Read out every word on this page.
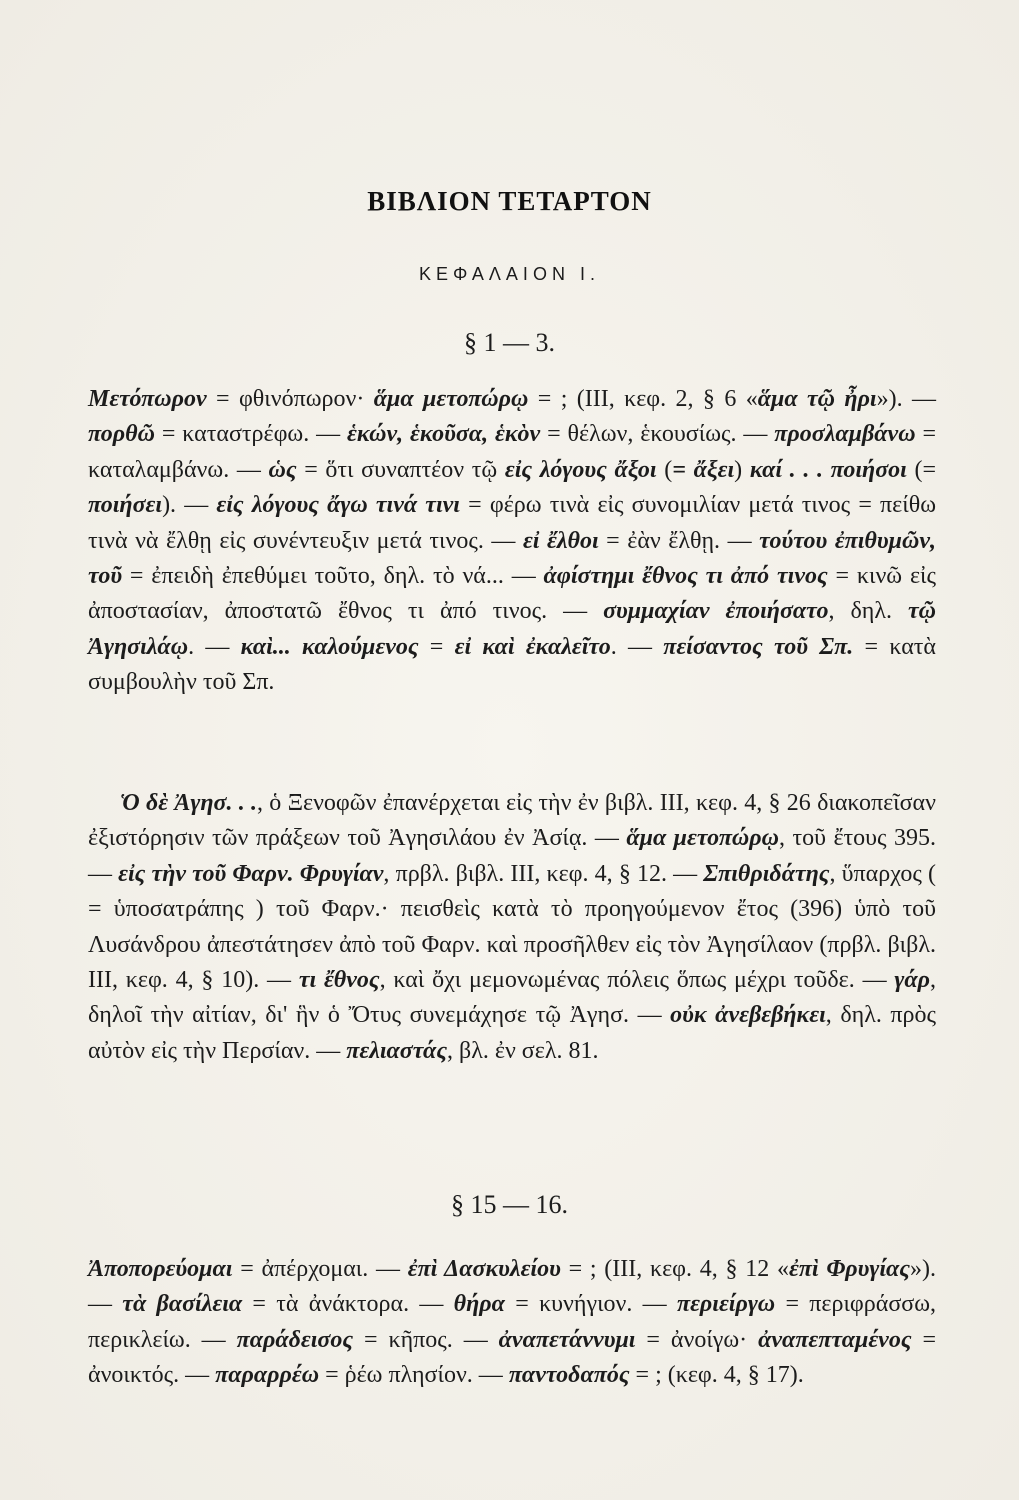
ΒΙΒΛΙΟΝ ΤΕΤΑΡΤΟΝ
ΚΕΦΑΛΑΙΟΝ Ι.
§ 1 — 3.

Μετόπωρον = φθινόπωρον· ἅμα μετοπώρῳ = ; (ΙΙΙ, κεφ. 2, § 6 «ἅμα τῷ ἦρι»). — πορθῶ = καταστρέφω. — ἑκών, ἑκοῦσα, ἑκὸν = θέλων, ἑκουσίως. — προσλαμβάνω = καταλαμβάνω. — ὡς = ὅτι συναπτέον τῷ εἰς λόγους ἄξοι (= ἄξει) καί . . . ποιήσοι (= ποιήσει). — εἰς λόγους ἄγω τινά τινι = φέρω τινὰ εἰς συνομιλίαν μετά τινος = πείθω τινὰ νὰ ἔλθῃ εἰς συνέντευξιν μετά τινος. — εἰ ἔλθοι = ἐὰν ἔλθῃ. — τούτου ἐπιθυμῶν, τοῦ = ἐπειδὴ ἐπεθύμει τοῦτο, δηλ. τὸ νά... — ἀφίστημι ἔθνος τι ἀπό τινος = κινῶ εἰς ἀποστασίαν, ἀποστατῶ ἔθνος τι ἀπό τινος. — συμμαχίαν ἐποιήσατο, δηλ. τῷ Ἀγησιλάῳ. — καὶ... καλούμενος = εἰ καὶ ἐκαλεῖτο. — πείσαντος τοῦ Σπ. = κατὰ συμβουλὴν τοῦ Σπ.

Ὁ δὲ Ἀγησ. . ., ὁ Ξενοφῶν ἐπανέρχεται εἰς τὴν ἐν βιβλ. ΙΙΙ, κεφ. 4, § 26 διακοπεῖσαν ἐξιστόρησιν τῶν πράξεων τοῦ Ἀγησιλάου ἐν Ἀσίᾳ. — ἅμα μετοπώρῳ, τοῦ ἔτους 395. — εἰς τὴν τοῦ Φαρν. Φρυγίαν, πρβλ. βιβλ. ΙΙΙ, κεφ. 4, § 12. — Σπιθριδάτης, ὕπαρχος ( = ὑποσατράπης ) τοῦ Φαρν.· πεισθεὶς κατὰ τὸ προηγούμενον ἔτος (396) ὑπὸ τοῦ Λυσάνδρου ἀπεστάτησεν ἀπὸ τοῦ Φαρν. καὶ προσῆλθεν εἰς τὸν Ἀγησίλαον (πρβλ. βιβλ. ΙΙΙ, κεφ. 4, § 10). — τι ἔθνος, καὶ ὄχι μεμονωμένας πόλεις ὅπως μέχρι τοῦδε. — γάρ, δηλοῖ τὴν αἰτίαν, δι' ἣν ὁ Ὄτυς συνεμάχησε τῷ Ἀγησ. — οὐκ ἀνεβεβήκει, δηλ. πρὸς αὐτὸν εἰς τὴν Περσίαν. — πελιαστάς, βλ. ἐν σελ. 81.

§ 15 — 16.

Ἀποπορεύομαι = ἀπέρχομαι. — ἐπὶ Δασκυλείου = ; (ΙΙΙ, κεφ. 4, § 12 «ἐπὶ Φρυγίας»). — τὰ βασίλεια = τὰ ἀνάκτορα. — θήρα = κυνήγιον. — περιείργω = περιφράσσω, περικλείω. — παράδεισος = κῆπος. — ἀναπετάννυμι = ἀνοίγω· ἀναπεπταμένος = ἀνοικτός. — παραρρέω = ῥέω πλησίον. — παντοδαπός = ; (κεφ. 4, § 17).
